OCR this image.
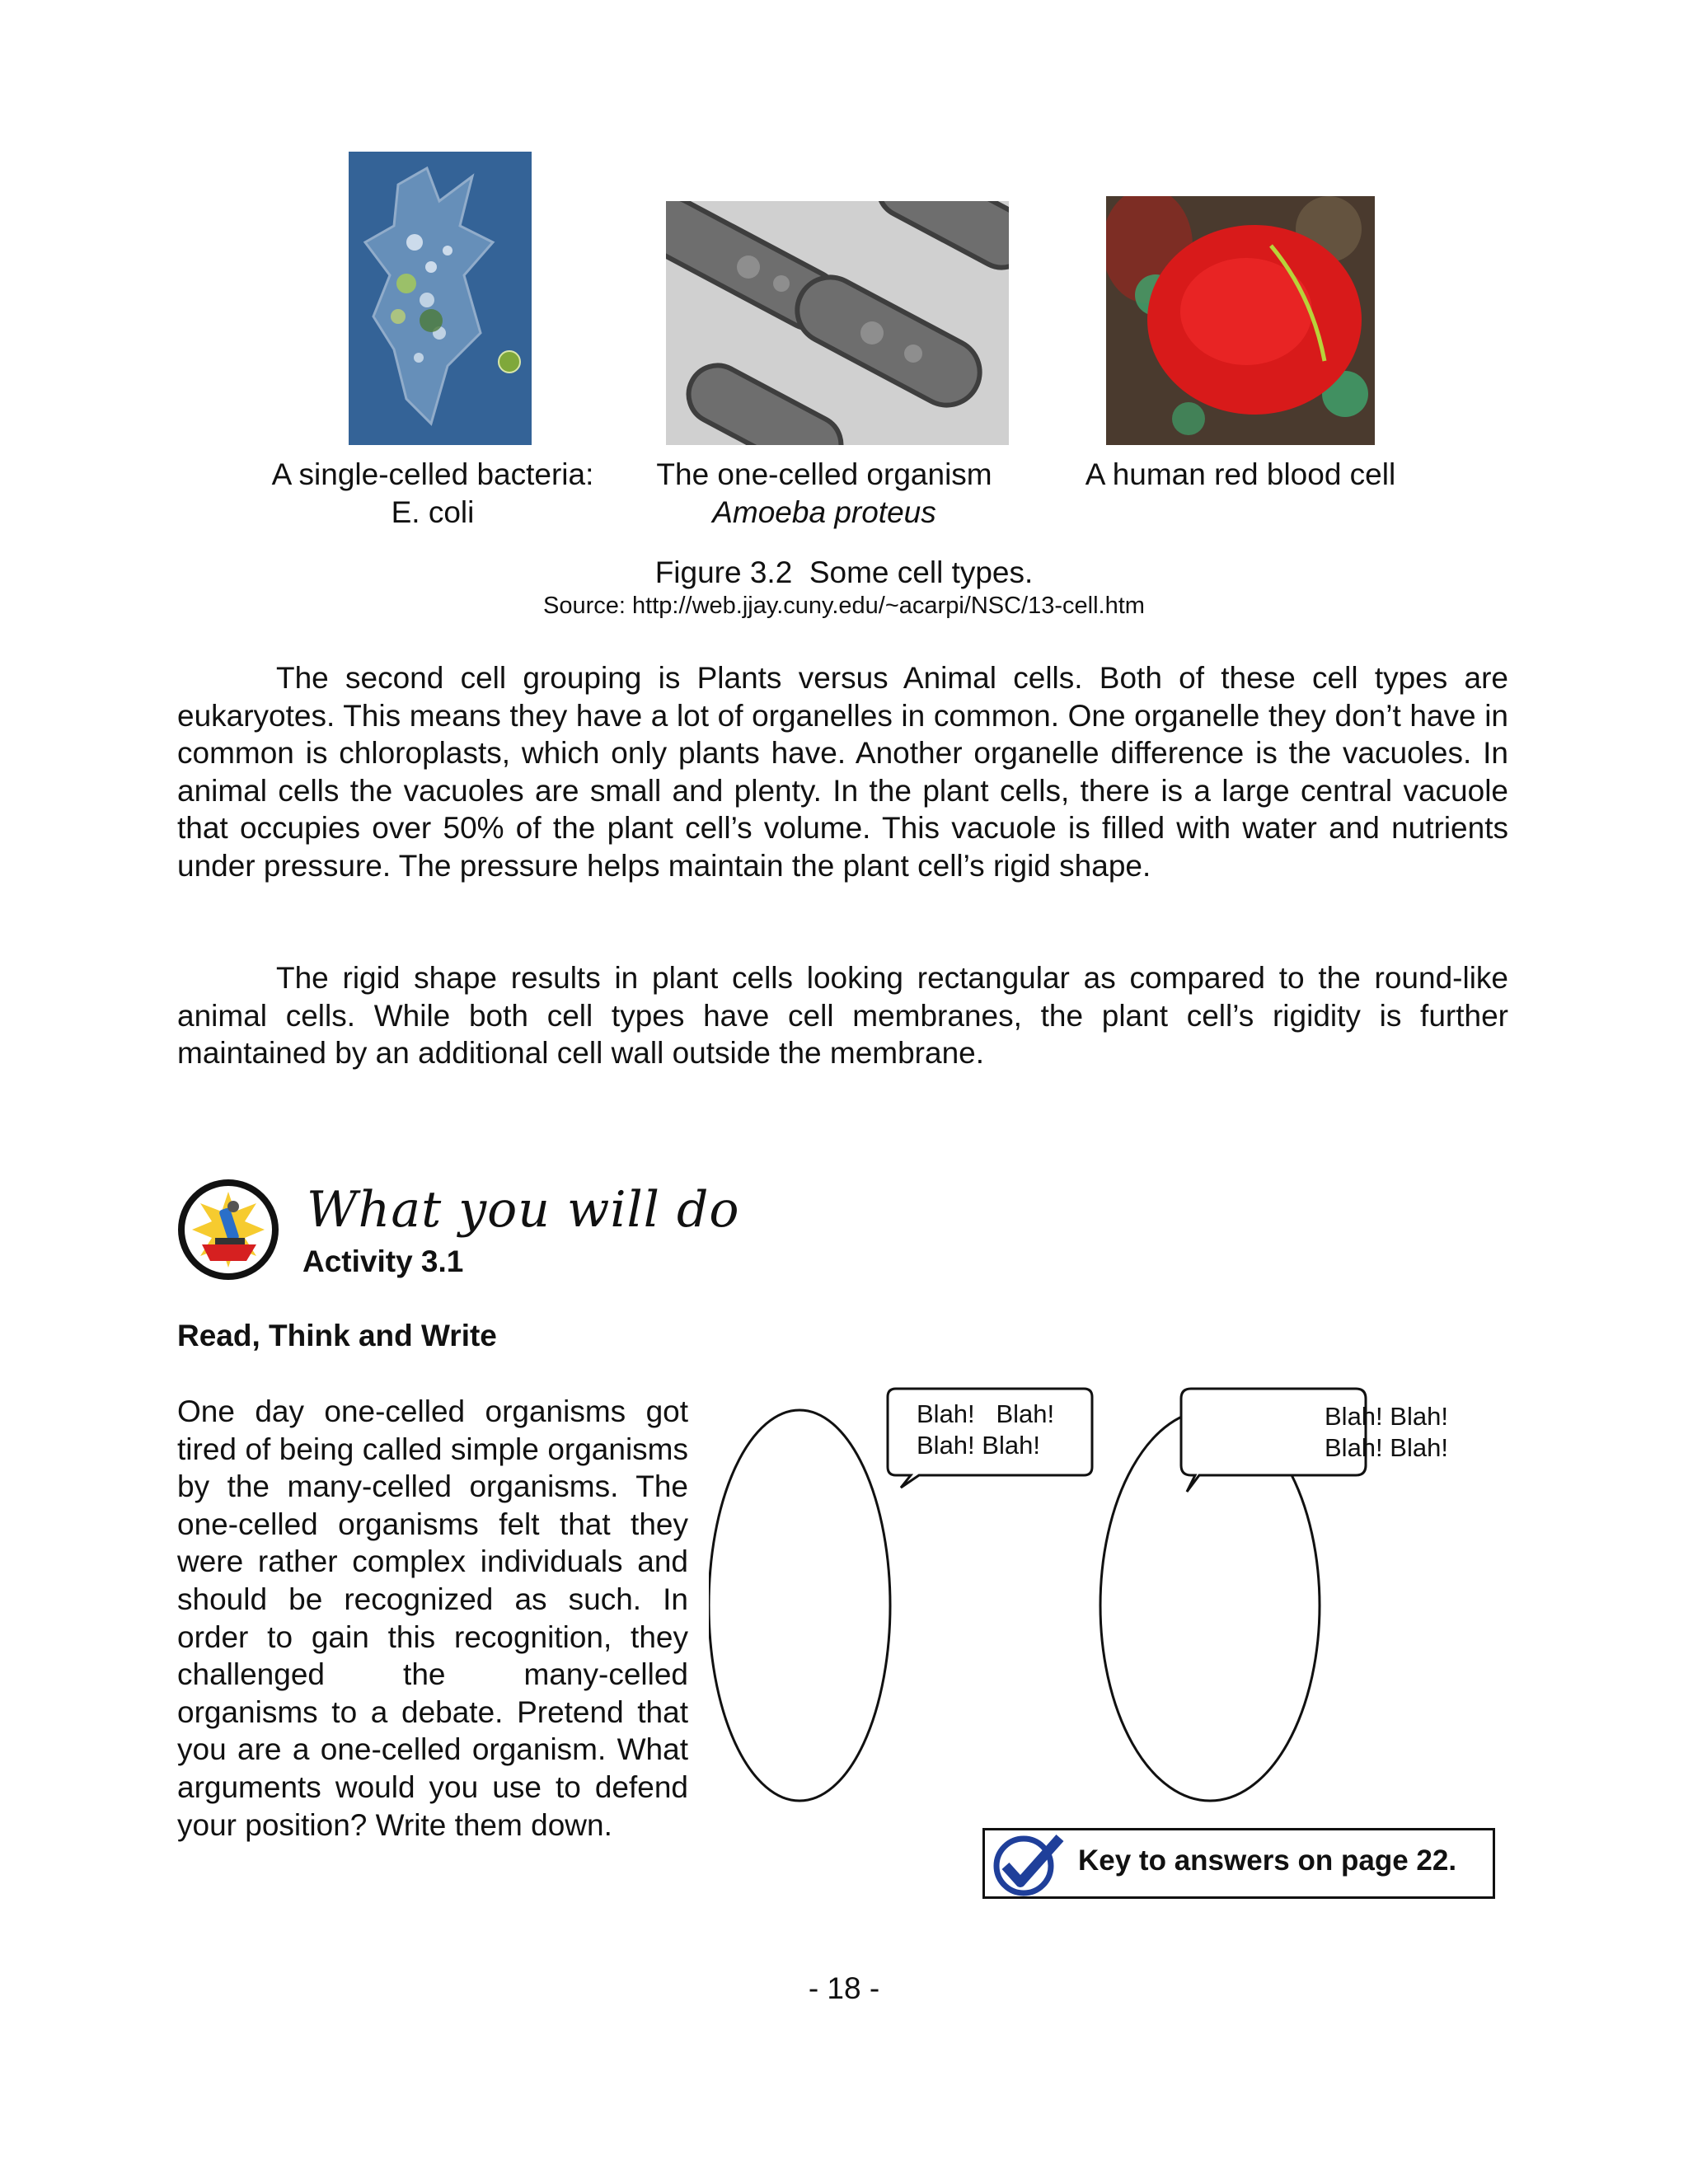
A single-celled bacteria:
E. coli
The one-celled organism
Amoeba proteus
A human red blood cell
Figure 3.2  Some cell types.
Source: http://web.jjay.cuny.edu/~acarpi/NSC/13-cell.htm

The second cell grouping is Plants versus Animal cells. Both of these cell types are eukaryotes. This means they have a lot of organelles in common. One organelle they don’t have in common is chloroplasts, which only plants have. Another organelle difference is the vacuoles. In animal cells the vacuoles are small and plenty. In the plant cells, there is a large central vacuole that occupies over 50% of the plant cell’s volume. This vacuole is filled with water and nutrients under pressure. The pressure helps maintain the plant cell’s rigid shape.

The rigid shape results in plant cells looking rectangular as compared to the round-like animal cells. While both cell types have cell membranes, the plant cell’s rigidity is further maintained by an additional cell wall outside the membrane.

What you will do
Activity 3.1
Read, Think and Write

One day one-celled organisms got tired of being called simple organisms by the many-celled organisms. The one-celled organisms felt that they were rather complex individuals and should be recognized as such. In order to gain this recognition, they challenged the many-celled organisms to a debate. Pretend that you are a one-celled organism. What arguments would you use to defend your position? Write them down.

Blah!   Blah!
Blah! Blah!
Blah! Blah!
Blah! Blah!
Key to answers on page 22.
- 18 -
